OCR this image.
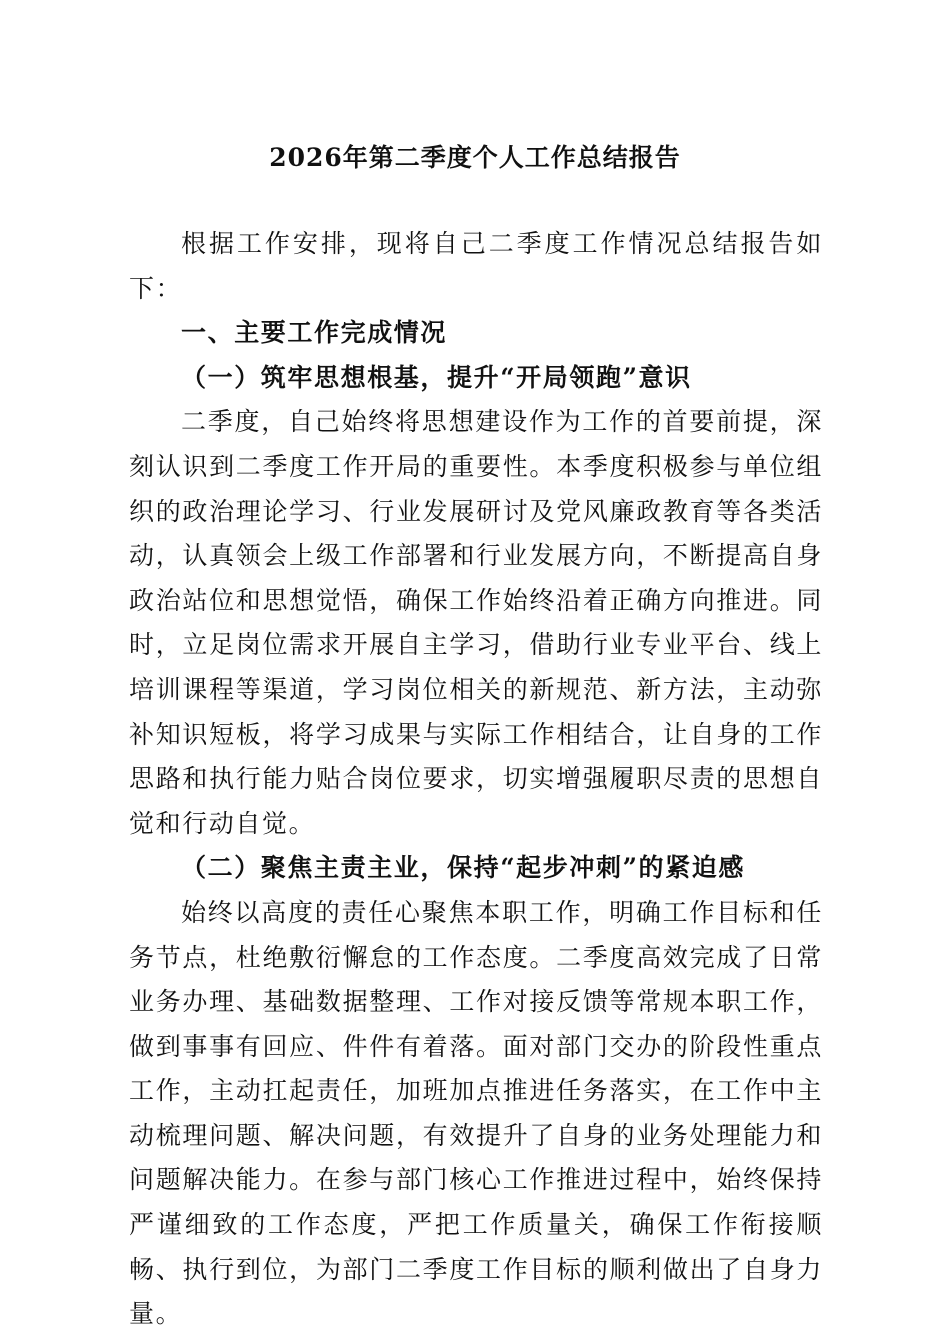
2026年第二季度个人工作总结报告

根据工作安排，现将自己二季度工作情况总结报告如下：

一、主要工作完成情况

（一）筑牢思想根基，提升“开局领跑”意识

二季度，自己始终将思想建设作为工作的首要前提，深刻认识到二季度工作开局的重要性。本季度积极参与单位组织的政治理论学习、行业发展研讨及党风廉政教育等各类活动，认真领会上级工作部署和行业发展方向，不断提高自身政治站位和思想觉悟，确保工作始终沿着正确方向推进。同时，立足岗位需求开展自主学习，借助行业专业平台、线上培训课程等渠道，学习岗位相关的新规范、新方法，主动弥补知识短板，将学习成果与实际工作相结合，让自身的工作思路和执行能力贴合岗位要求，切实增强履职尽责的思想自觉和行动自觉。

（二）聚焦主责主业，保持“起步冲刺”的紧迫感

始终以高度的责任心聚焦本职工作，明确工作目标和任务节点，杜绝敷衍懈怠的工作态度。二季度高效完成了日常业务办理、基础数据整理、工作对接反馈等常规本职工作，做到事事有回应、件件有着落。面对部门交办的阶段性重点工作，主动扛起责任，加班加点推进任务落实，在工作中主动梳理问题、解决问题，有效提升了自身的业务处理能力和问题解决能力。在参与部门核心工作推进过程中，始终保持严谨细致的工作态度，严把工作质量关，确保工作衔接顺畅、执行到位，为部门二季度工作目标的顺利做出了自身力量。
